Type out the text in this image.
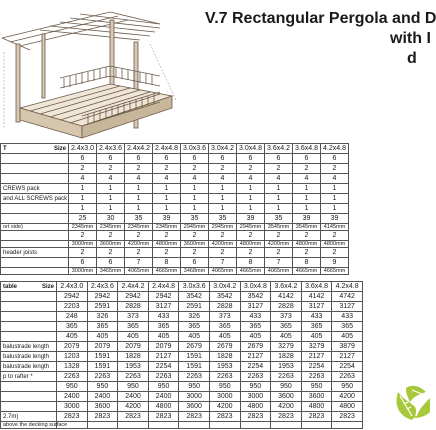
V.7 Rectangular Pergola and D
with I
d
T Size	2.4x3.0	2.4x3.6	2.4x4.2	2.4x4.8	3.0x3.6	3.0x4.2	3.0x4.8	3.6x4.2	3.6x4.8	4.2x4.8
	6	6	6	6	6	6	6	6	6	6
	2	2	2	2	2	2	2	2	2	2
	4	4	4	4	4	4	4	4	4	4
CREWS pack	1	1	1	1	1	1	1	1	1	1
and ALL SCREWS pack	1	1	1	1	1	1	1	1	1	1
	1	1	1	1	1	1	1	1	1	1
	25	30	35	39	35	35	39	35	39	39
ort side)	2345mm	2345mm	2345mm	2345mm	2945mm	2945mm	2945mm	3545mm	3545mm	4145mm
	2	2	2	2	2	2	2	2	2	2
	3000mm	3600mm	4200mm	4800mm	3600mm	4200mm	4800mm	4200mm	4800mm	4800mm
header joists	2	2	2	2	2	2	2	2	2	2
	6	6	7	8	6	7	8	7	8	9
	3000mm	3465mm	4065mm	4665mm	3468mm	4065mm	4665mm	4065mm	4665mm	4665mm
table Size	2.4x3.0	2.4x3.6	2.4x4.2	2.4x4.8	3.0x3.6	3.0x4.2	3.0x4.8	3.6x4.2	3.6x4.8	4.2x4.8
	2942	2942	2942	2942	3542	3542	3542	4142	4142	4742
	2203	2591	2828	3127	2591	2828	3127	2828	3127	3127
	248	326	373	433	326	373	433	373	433	433
	365	365	365	365	365	365	365	365	365	365
	405	405	405	405	405	405	405	405	405	405
balustrade length	2079	2079	2079	2079	2679	2679	2679	3279	3279	3879
balustrade length	1203	1591	1828	2127	1591	1828	2127	1828	2127	2127
balustrade length	1328	1591	1953	2254	1591	1953	2254	1953	2254	2254
p to rafter *	2263	2263	2263	2263	2263	2263	2263	2263	2263	2263
	950	950	950	950	950	950	950	950	950	950
	2400	2400	2400	2400	3000	3000	3000	3600	3600	4200
	3000	3600	4200	4800	3600	4200	4800	4200	4800	4800
2.7m)	2823	2823	2823	2823	2823	2823	2823	2823	2823	2823
above the decking surface										
